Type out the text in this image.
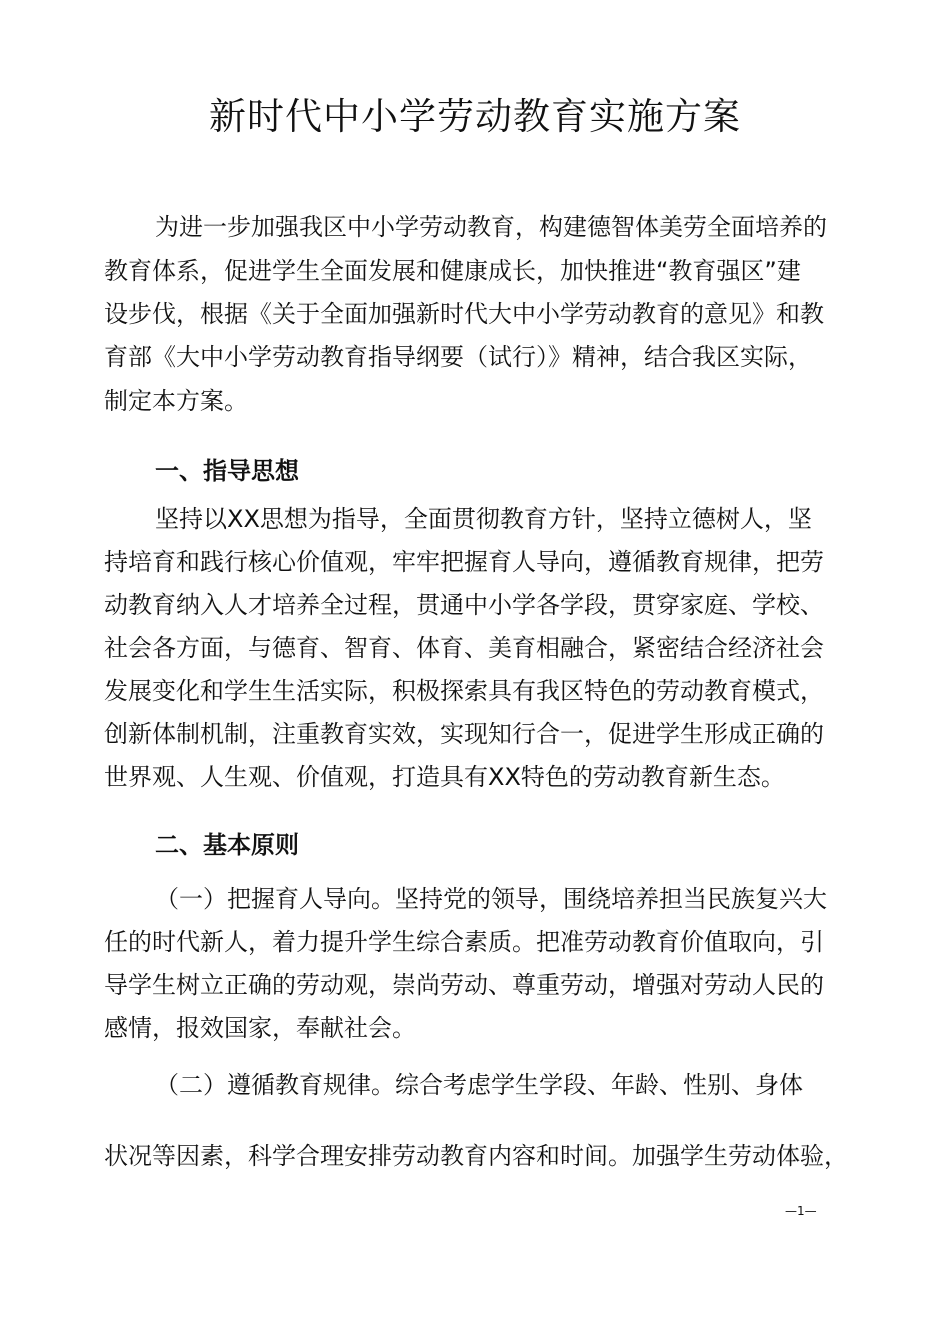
新时代中小学劳动教育实施方案
为进一步加强我区中小学劳动教育，构建德智体美劳全面培养的
教育体系，促进学生全面发展和健康成长，加快推进“教育强区”建
设步伐，根据《关于全面加强新时代大中小学劳动教育的意见》和教
育部《大中小学劳动教育指导纲要（试行）》精神，结合我区实际，
制定本方案。
一、指导思想
坚持以XX思想为指导，全面贯彻教育方针，坚持立德树人，坚
持培育和践行核心价值观，牢牢把握育人导向，遵循教育规律，把劳
动教育纳入人才培养全过程，贯通中小学各学段，贯穿家庭、学校、
社会各方面，与德育、智育、体育、美育相融合，紧密结合经济社会
发展变化和学生生活实际，积极探索具有我区特色的劳动教育模式，
创新体制机制，注重教育实效，实现知行合一，促进学生形成正确的
世界观、人生观、价值观，打造具有XX特色的劳动教育新生态。
二、基本原则
（一）把握育人导向。坚持党的领导，围绕培养担当民族复兴大
任的时代新人，着力提升学生综合素质。把准劳动教育价值取向，引
导学生树立正确的劳动观，崇尚劳动、尊重劳动，增强对劳动人民的
感情，报效国家，奉献社会。
（二）遵循教育规律。综合考虑学生学段、年龄、性别、身体
状况等因素，科学合理安排劳动教育内容和时间。加强学生劳动体验，
—1—
